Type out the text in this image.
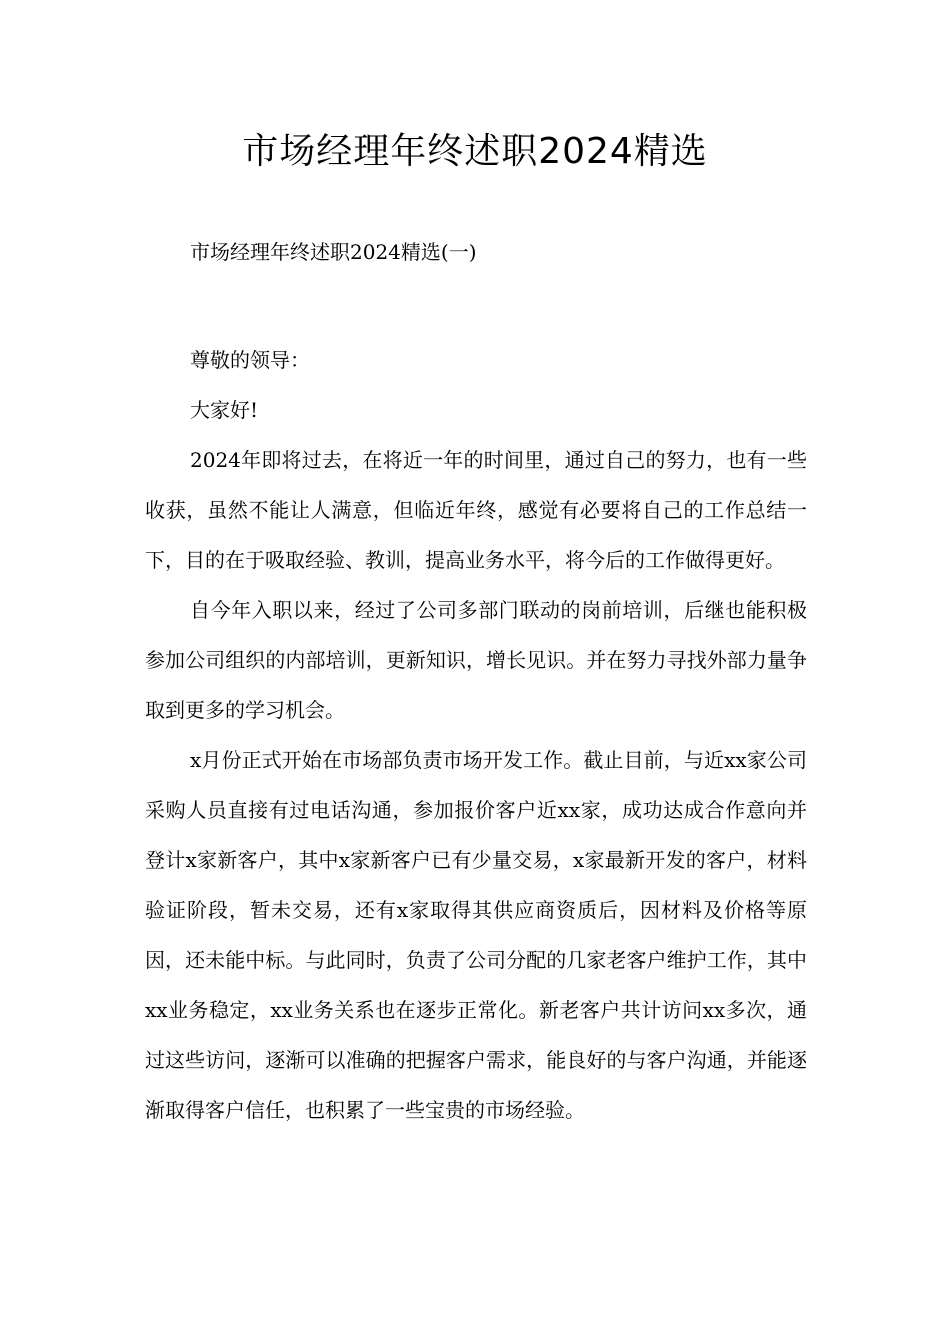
市场经理年终述职2024精选
市场经理年终述职2024精选(一)

尊敬的领导：

大家好!

2024年即将过去，在将近一年的时间里，通过自己的努力，也有一些收获，虽然不能让人满意，但临近年终，感觉有必要将自己的工作总结一下，目的在于吸取经验、教训，提高业务水平，将今后的工作做得更好。

自今年入职以来，经过了公司多部门联动的岗前培训，后继也能积极参加公司组织的内部培训，更新知识，增长见识。并在努力寻找外部力量争取到更多的学习机会。

x月份正式开始在市场部负责市场开发工作。截止目前，与近xx家公司采购人员直接有过电话沟通，参加报价客户近xx家，成功达成合作意向并登计x家新客户，其中x家新客户已有少量交易，x家最新开发的客户，材料验证阶段，暂未交易，还有x家取得其供应商资质后，因材料及价格等原因，还未能中标。与此同时，负责了公司分配的几家老客户维护工作，其中xx业务稳定，xx业务关系也在逐步正常化。新老客户共计访问xx多次，通过这些访问，逐渐可以准确的把握客户需求，能良好的与客户沟通，并能逐渐取得客户信任，也积累了一些宝贵的市场经验。
